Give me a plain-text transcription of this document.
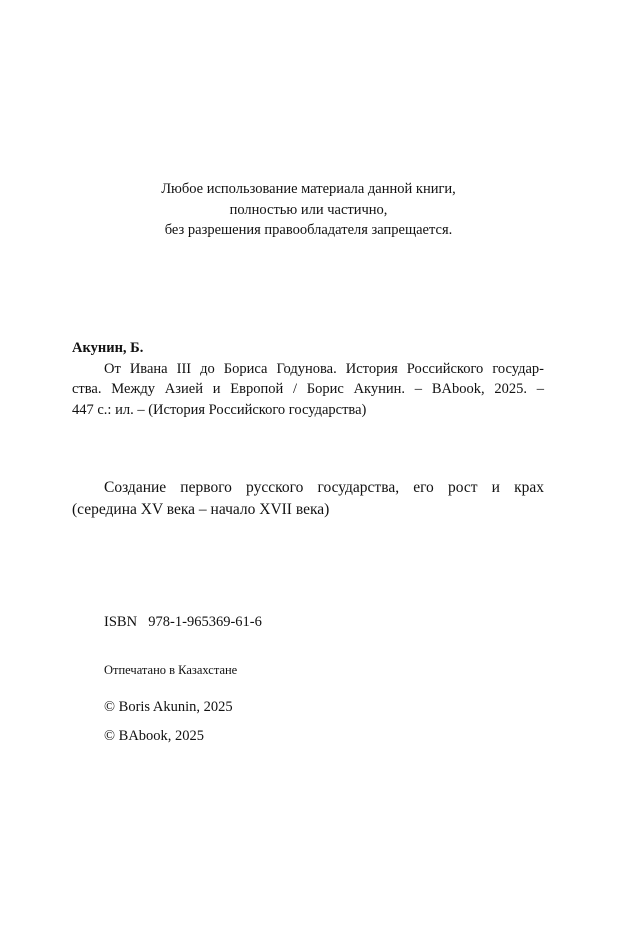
Любое использование материала данной книги,
полностью или частично,
без разрешения правообладателя запрещается.
Акунин, Б.
От Ивана III до Бориса Годунова. История Российского государ-
ства. Между Азией и Европой / Борис Акунин. – BAbook, 2025. –
447 с.: ил. – (История Российского государства)
Создание первого русского государства, его рост и крах
(середина XV века – начало XVII века)
ISBN  978-1-965369-61-6
Отпечатано в Казахстане
© Boris Akunin, 2025
© BAbook, 2025
